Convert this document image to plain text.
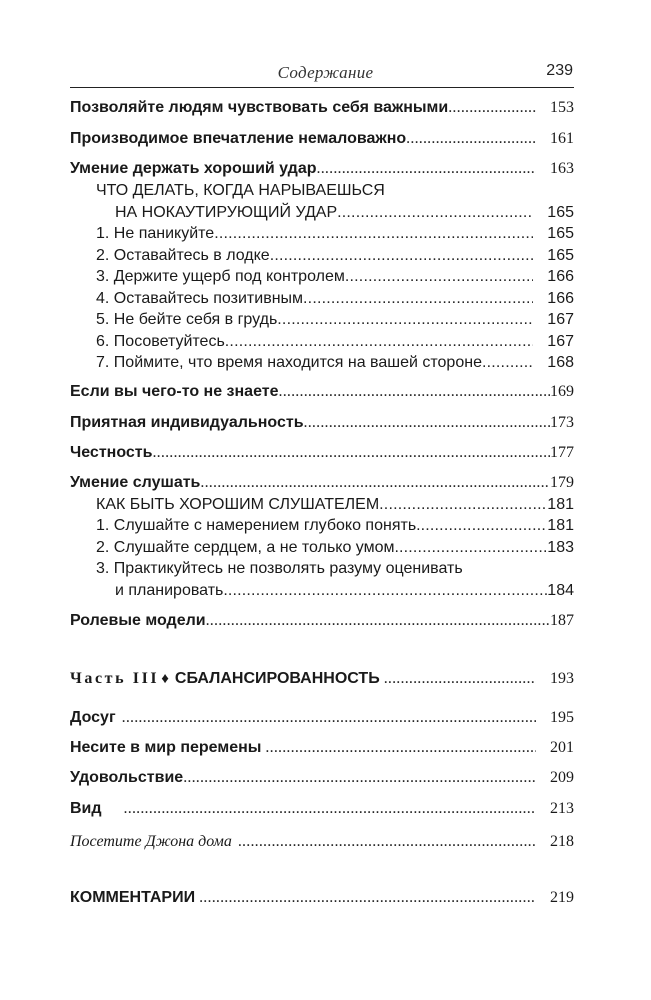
Содержание	239
Позволяйте людям чувствовать себя важными .....	153
Производимое впечатление немаловажно .....	161
Умение держать хороший удар .....	163
ЧТО ДЕЛАТЬ, КОГДА НАРЫВАЕШЬСЯ
НА НОКАУТИРУЮЩИЙ УДАР .....	165
1. Не паникуйте .....	165
2. Оставайтесь в лодке .....	165
3. Держите ущерб под контролем .....	166
4. Оставайтесь позитивным .....	166
5. Не бейте себя в грудь .....	167
6. Посоветуйтесь .....	167
7. Поймите, что время находится на вашей стороне .....	168
Если вы чего-то не знаете .....	169
Приятная индивидуальность .....	173
Честность .....	177
Умение слушать .....	179
КАК БЫТЬ ХОРОШИМ СЛУШАТЕЛЕМ .....	181
1. Слушайте с намерением глубоко понять. .....	181
2. Слушайте сердцем, а не только умом. .....	183
3. Практикуйтесь не позволять разуму оценивать
и планировать. .....	184
Ролевые модели .....	187
Часть III ♦ СБАЛАНСИРОВАННОСТЬ .....	193
Досуг .....	195
Несите в мир перемены .....	201
Удовольствие .....	209
Вид .....	213
Посетите Джона дома .....	218
КОММЕНТАРИИ .....	219
